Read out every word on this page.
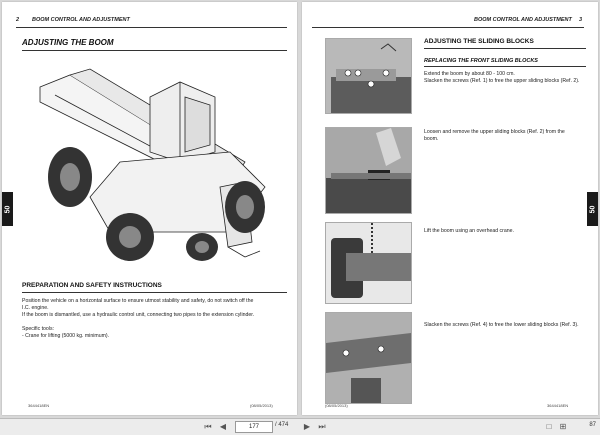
2 BOOM CONTROL AND ADJUSTMENT
ADJUSTING THE BOOM
PREPARATION AND SAFETY INSTRUCTIONS
Position the vehicle on a horizontal surface to ensure utmost stability and safety, do not switch off the
I.C. engine.
If the boom is dismantled, use a hydraulic control unit, connecting two pipes to the extension cylinder.
Specific tools:
- Crane for lifting (5000 kg. minimum).
50
3644418EN	(08/05/2013)
BOOM CONTROL AND ADJUSTMENT 3
ADJUSTING THE SLIDING BLOCKS
REPLACING THE FRONT SLIDING BLOCKS
Extend the boom by about 80 - 100 cm.
Slacken the screws (Ref. 1) to free the upper sliding blocks (Ref. 2).
Loosen and remove the upper sliding blocks (Ref. 2) from the
boom.
Lift the boom using an overhead crane.
Slacken the screws (Ref. 4) to free the lower sliding blocks (Ref. 3).
50
(08/05/2013)	3644418EN
⏮ ◀	177	/ 474 ▶ ⏭	□	⊞	87
